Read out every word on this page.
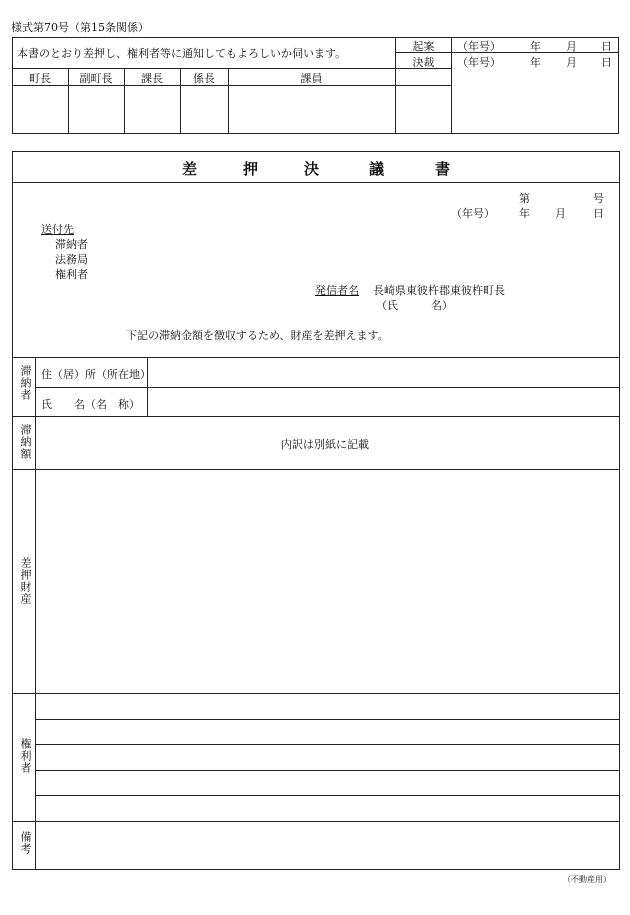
様式第70号（第15条関係）
本書のとおり差押し、権利者等に通知してもよろしいか伺います。
起案	（年号）	年 月 日
決裁	（年号）	年 月 日
町長	副町長	課長	係長	課員
差	押	決	議	書
第	号
（年号） 年 月 日
送付先
滞納者
法務局
権利者
発信者名 長崎県東彼杵郡東彼杵町長
（氏　　　名）
下記の滞納金額を徴収するため、財産を差押えます。
滞納者 住（居）所（所在地）
氏　　名（名　称）
滞納額	内訳は別紙に記載
差押財産
権利者
備考
（不動産用）
